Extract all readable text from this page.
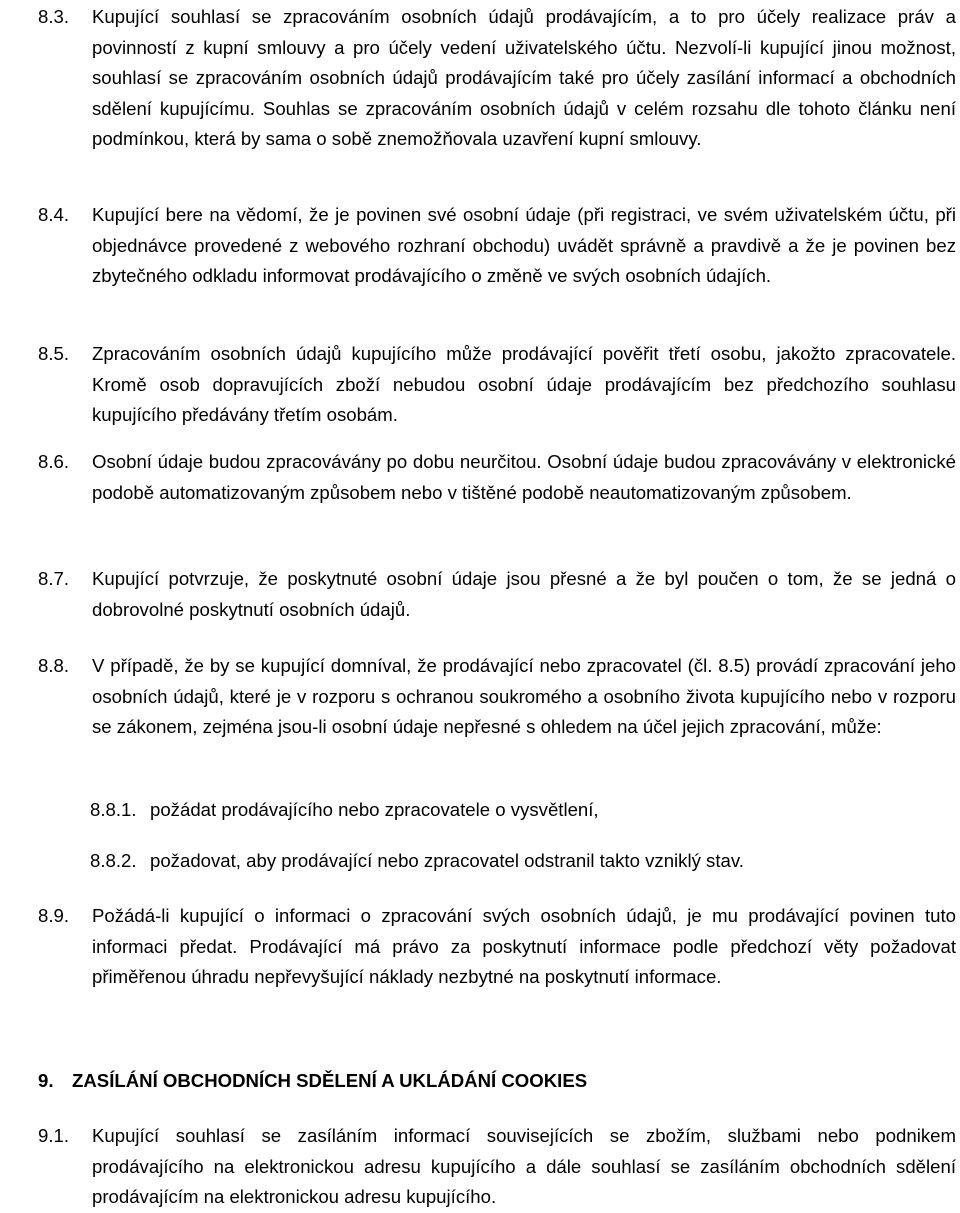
8.3.	Kupující souhlasí se zpracováním osobních údajů prodávajícím, a to pro účely realizace práv a povinností z kupní smlouvy a pro účely vedení uživatelského účtu. Nezvolí-li kupující jinou možnost, souhlasí se zpracováním osobních údajů prodávajícím také pro účely zasílání informací a obchodních sdělení kupujícímu. Souhlas se zpracováním osobních údajů v celém rozsahu dle tohoto článku není podmínkou, která by sama o sobě znemožňovala uzavření kupní smlouvy.
8.4.	Kupující bere na vědomí, že je povinen své osobní údaje (při registraci, ve svém uživatelském účtu, při objednávce provedené z webového rozhraní obchodu) uvádět správně a pravdivě a že je povinen bez zbytečného odkladu informovat prodávajícího o změně ve svých osobních údajích.
8.5.	Zpracováním osobních údajů kupujícího může prodávající pověřit třetí osobu, jakožto zpracovatele. Kromě osob dopravujících zboží nebudou osobní údaje prodávajícím bez předchozího souhlasu kupujícího předávány třetím osobám.
8.6.	Osobní údaje budou zpracovávány po dobu neurčitou. Osobní údaje budou zpracovávány v elektronické podobě automatizovaným způsobem nebo v tištěné podobě neautomatizovaným způsobem.
8.7.	Kupující potvrzuje, že poskytnuté osobní údaje jsou přesné a že byl poučen o tom, že se jedná o dobrovolné poskytnutí osobních údajů.
8.8.	V případě, že by se kupující domníval, že prodávající nebo zpracovatel (čl. 8.5) provádí zpracování jeho osobních údajů, které je v rozporu s ochranou soukromého a osobního života kupujícího nebo v rozporu se zákonem, zejména jsou-li osobní údaje nepřesné s ohledem na účel jejich zpracování, může:
8.8.1. požádat prodávajícího nebo zpracovatele o vysvětlení,
8.8.2. požadovat, aby prodávající nebo zpracovatel odstranil takto vzniklý stav.
8.9.	Požádá-li kupující o informaci o zpracování svých osobních údajů, je mu prodávající povinen tuto informaci předat. Prodávající má právo za poskytnutí informace podle předchozí věty požadovat přiměřenou úhradu nepřevyšující náklady nezbytné na poskytnutí informace.
9. ZASÍLÁNÍ OBCHODNÍCH SDĚLENÍ A UKLÁDÁNÍ COOKIES
9.1.	Kupující souhlasí se zasíláním informací souvisejících se zbožím, službami nebo podnikem prodávajícího na elektronickou adresu kupujícího a dále souhlasí se zasíláním obchodních sdělení prodávajícím na elektronickou adresu kupujícího.
